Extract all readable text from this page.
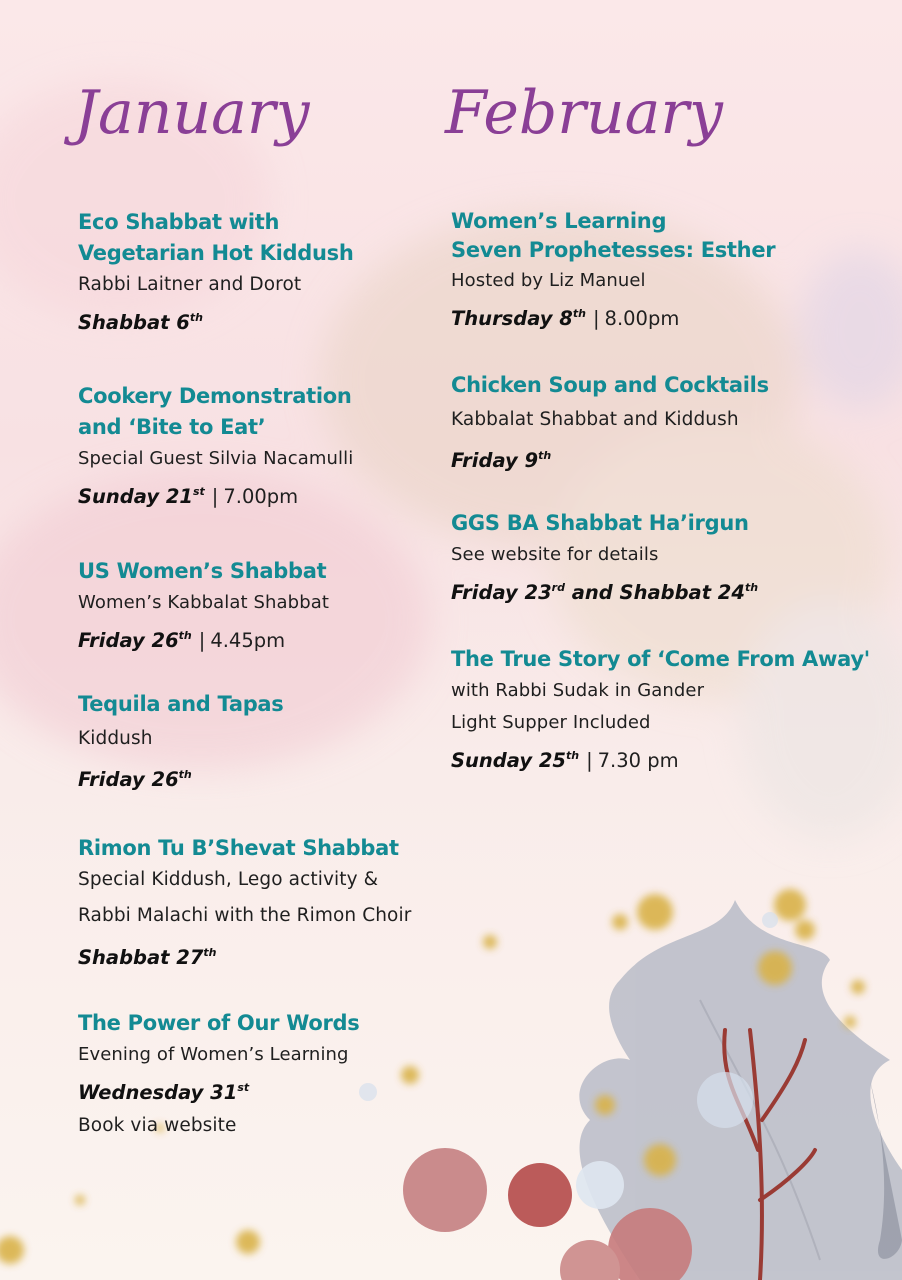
January February
Eco Shabbat with
Vegetarian Hot Kiddush
Rabbi Laitner and Dorot
Shabbat 6th
Cookery Demonstration
and ‘Bite to Eat’
Special Guest Silvia Nacamulli
Sunday 21st | 7.00pm
US Women’s Shabbat
Women’s Kabbalat Shabbat
Friday 26th | 4.45pm
Tequila and Tapas
Kiddush
Friday 26th
Rimon Tu B’Shevat Shabbat
Special Kiddush, Lego activity &
Rabbi Malachi with the Rimon Choir
Shabbat 27th
The Power of Our Words
Evening of Women’s Learning
Wednesday 31st
Book via website
Women’s Learning
Seven Prophetesses: Esther
Hosted by Liz Manuel
Thursday 8th | 8.00pm
Chicken Soup and Cocktails
Kabbalat Shabbat and Kiddush
Friday 9th
GGS BA Shabbat Ha’irgun
See website for details
Friday 23rd and Shabbat 24th
The True Story of ‘Come From Away'
with Rabbi Sudak in Gander
Light Supper Included
Sunday 25th | 7.30 pm
